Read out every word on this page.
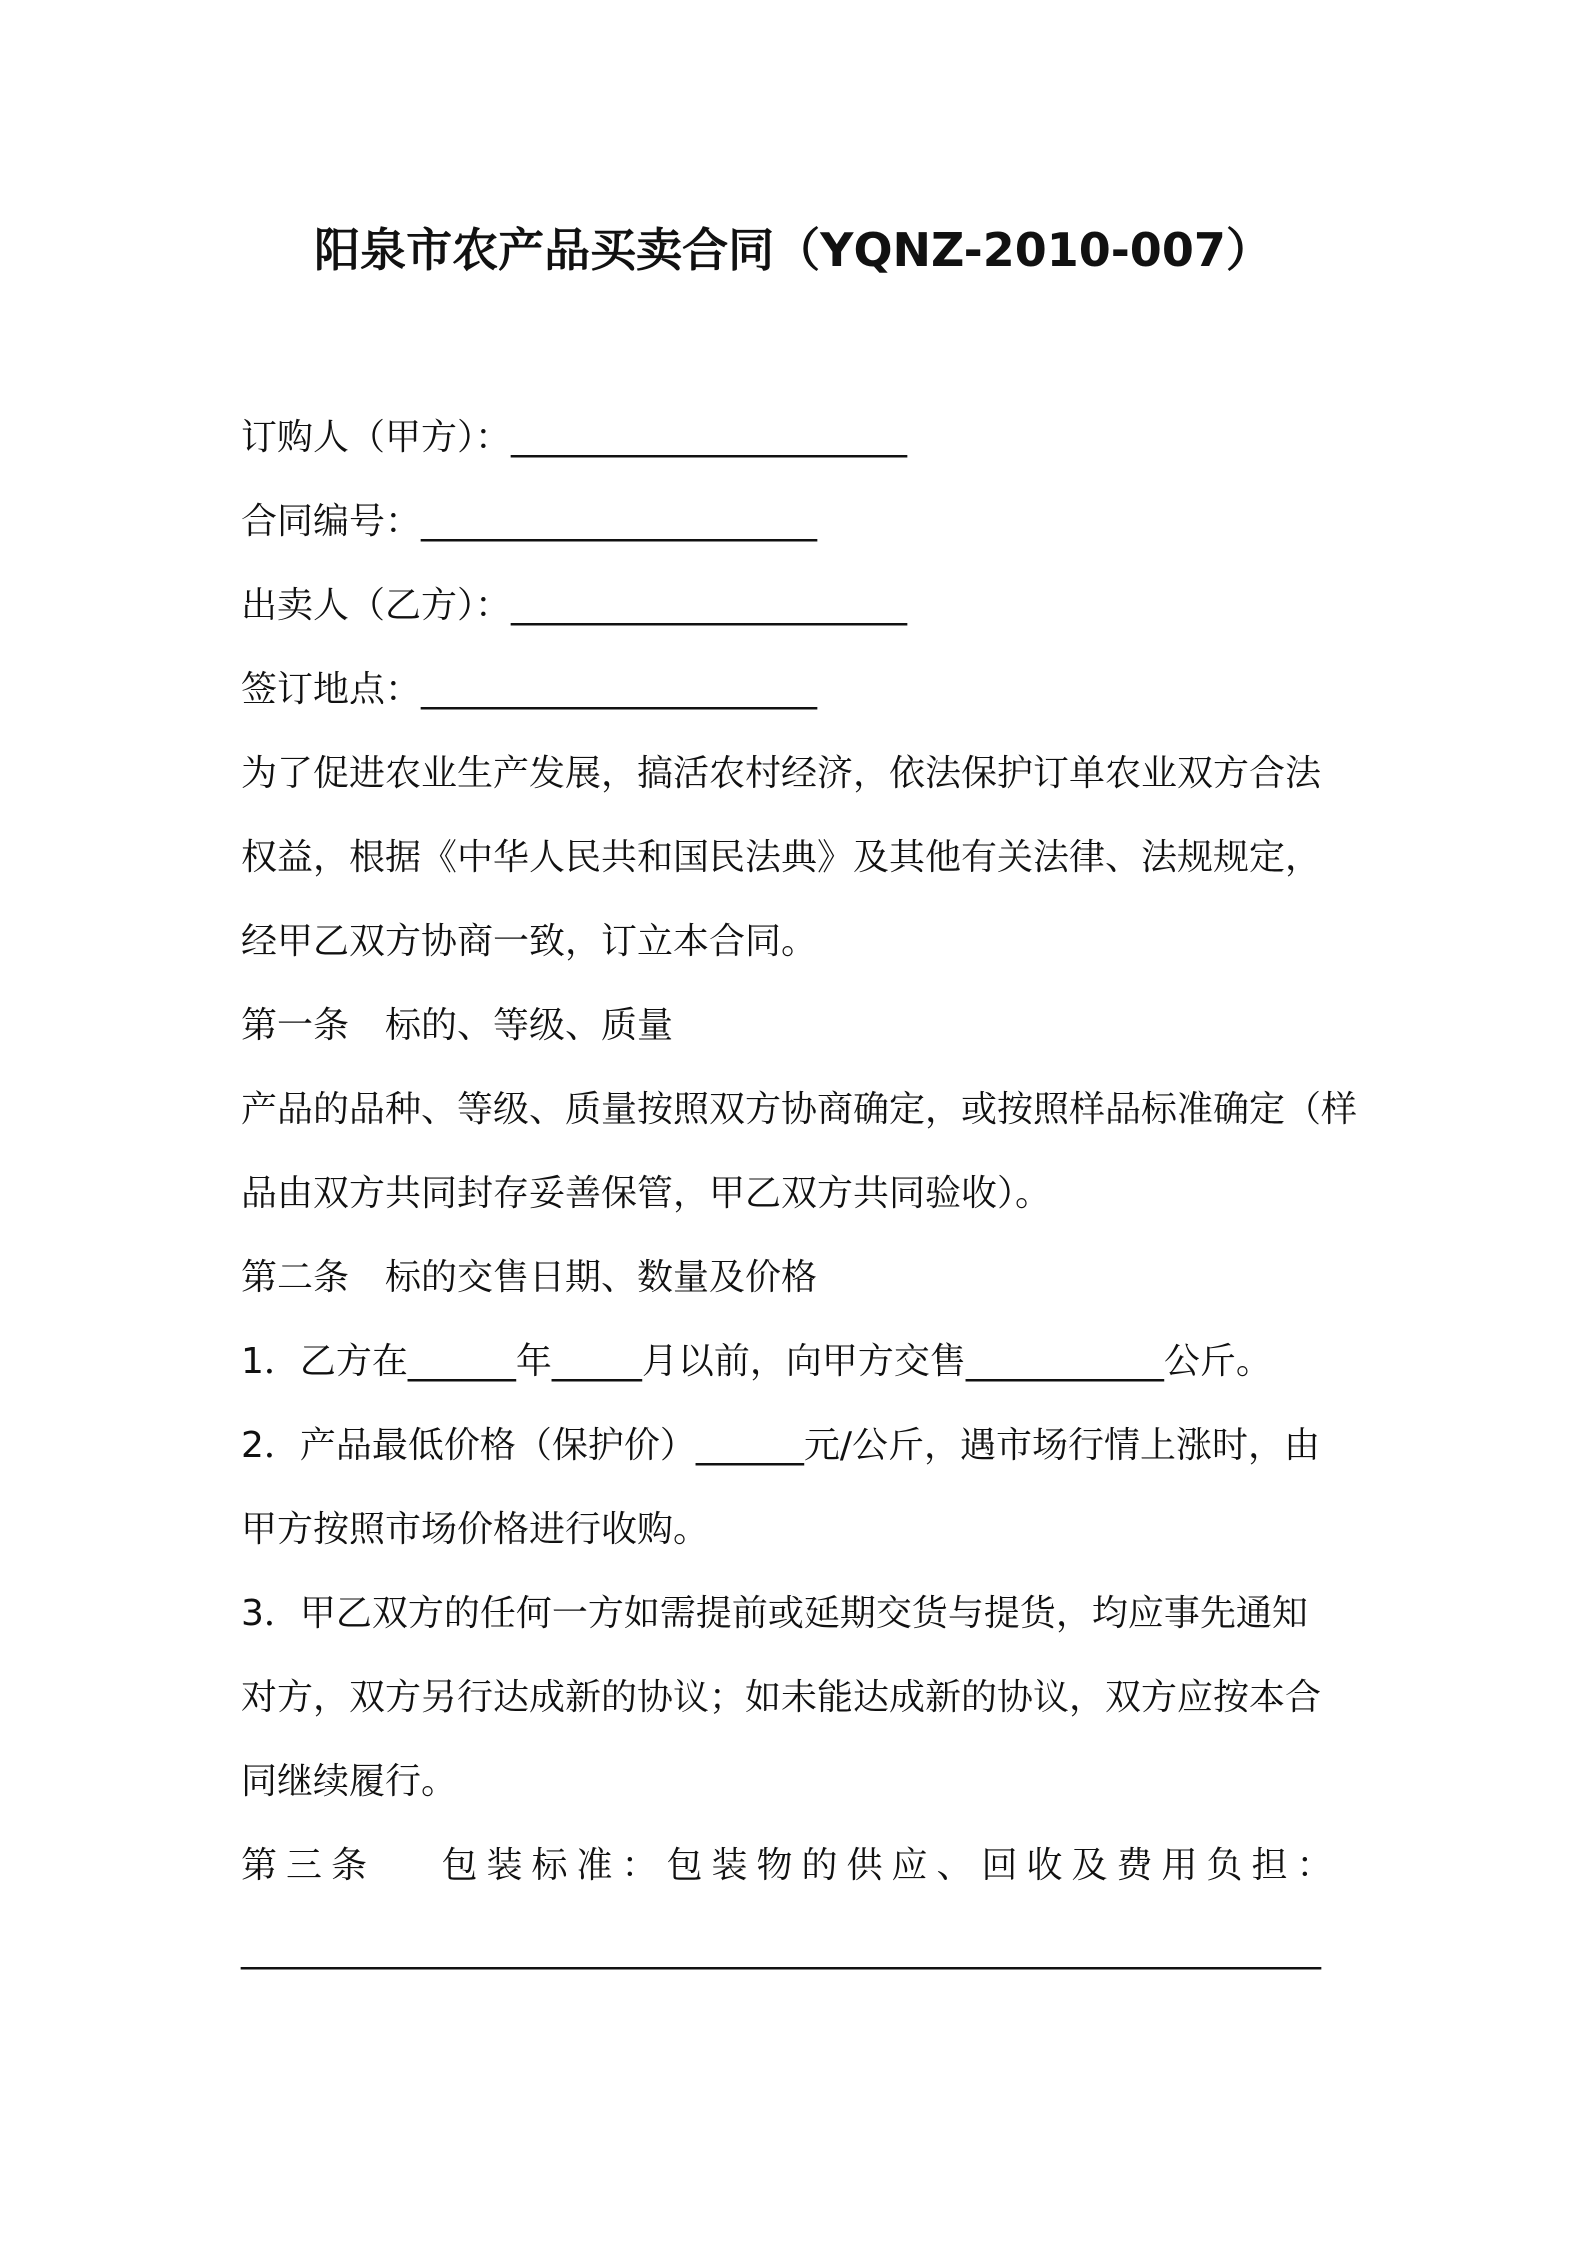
阳泉市农产品买卖合同（YQNZ-2010-007）
订购人（甲方）：______________________
合同编号：______________________
出卖人（乙方）：______________________
签订地点：______________________
为了促进农业生产发展，搞活农村经济，依法保护订单农业双方合法
权益，根据《中华人民共和国民法典》及其他有关法律、法规规定，
经甲乙双方协商一致，订立本合同。
第一条　标的、等级、质量
产品的品种、等级、质量按照双方协商确定，或按照样品标准确定（样
品由双方共同封存妥善保管，甲乙双方共同验收）。
第二条　标的交售日期、数量及价格
1．乙方在______年_____月以前，向甲方交售___________公斤。
2．产品最低价格（保护价）______元/公斤，遇市场行情上涨时，由
甲方按照市场价格进行收购。
3．甲乙双方的任何一方如需提前或延期交货与提货，均应事先通知
对方，双方另行达成新的协议；如未能达成新的协议，双方应按本合
同继续履行。
第三条　 包装标准：包装物的供应、回收及费用负担：
____________________________________________________________
